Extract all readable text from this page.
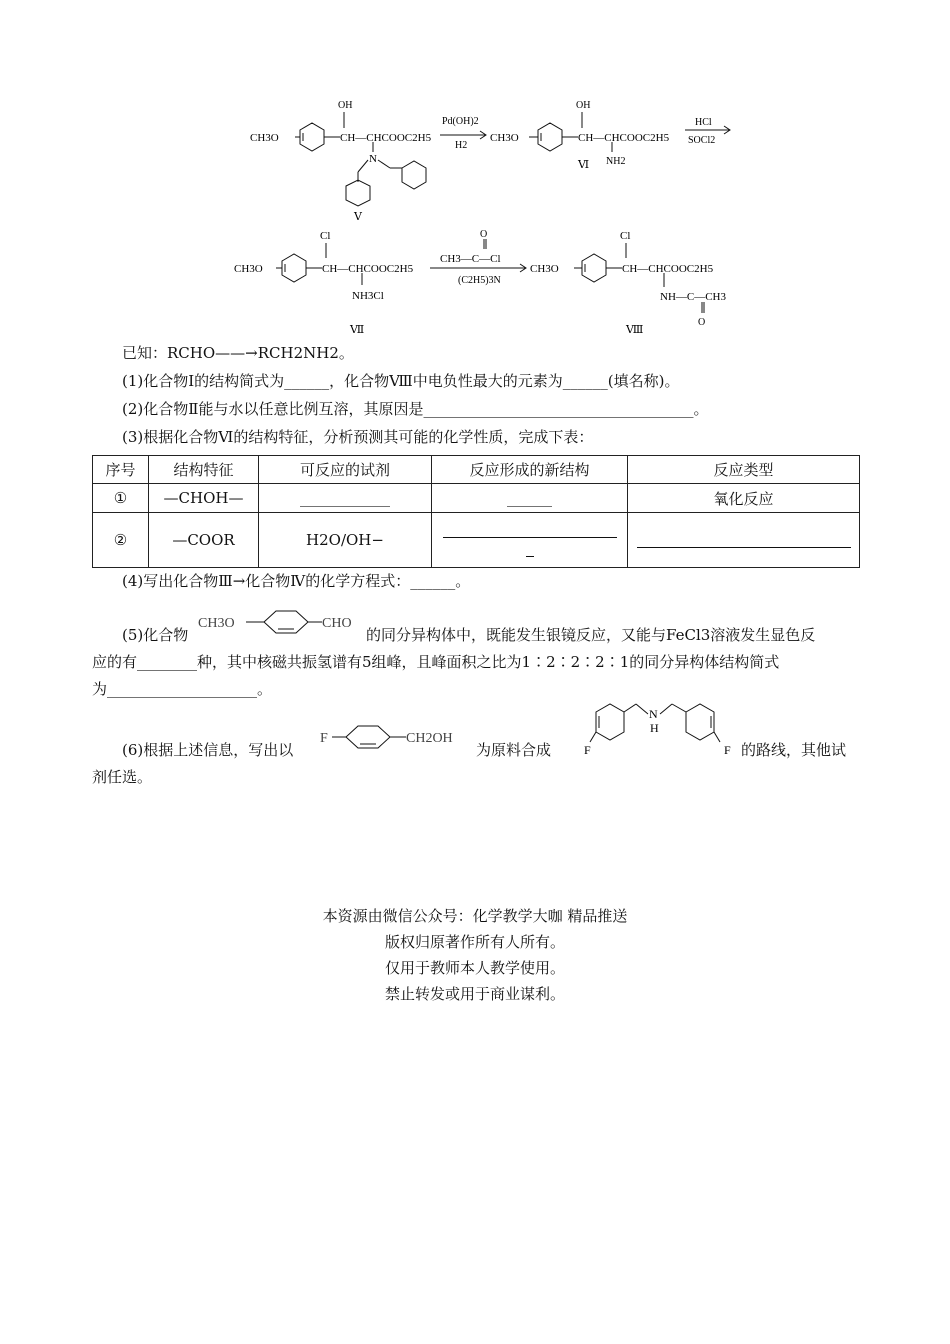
OH
CH3O	CH—CHCOOC2H5
N
Ⅴ
Pd(OH)2
H2
OH
CH3O	CH—CHCOOC2H5
NH2
Ⅵ
HCl
SOCl2
Cl
CH3O	CH—CHCOOC2H5
NH3Cl
Ⅶ
O
CH3—C—Cl
(C2H5)3N
Cl
CH3O	CH—CHCOOC2H5
NH—C—CH3
O
Ⅷ
已知：RCHO——→RCH2NH2。
(1)化合物Ⅰ的结构简式为______，化合物Ⅷ中电负性最大的元素为______(填名称)。
(2)化合物Ⅱ能与水以任意比例互溶，其原因是____________________________________。
(3)根据化合物Ⅵ的结构特征，分析预测其可能的化学性质，完成下表：
序号	结构特征	可反应的试剂	反应形成的新结构	反应类型
①	—CHOH—	____________	______	氧化反应
②	—COOR	H2O/OH−	

(4)写出化合物Ⅲ→化合物Ⅳ的化学方程式：______。
(5)化合物
CH3O	CHO
的同分异构体中，既能发生银镜反应，又能与FeCl3溶液发生显色反
应的有________种，其中核磁共振氢谱有5组峰，且峰面积之比为1∶2∶2∶2∶1的同分异构体结构简式
为____________________。
(6)根据上述信息，写出以
F	CH2OH
为原料合成	F
N
H
F 的路线，其他试
剂任选。
本资源由微信公众号：化学教学大咖 精品推送
版权归原著作所有人所有。
仅用于教师本人教学使用。
禁止转发或用于商业谋利。
